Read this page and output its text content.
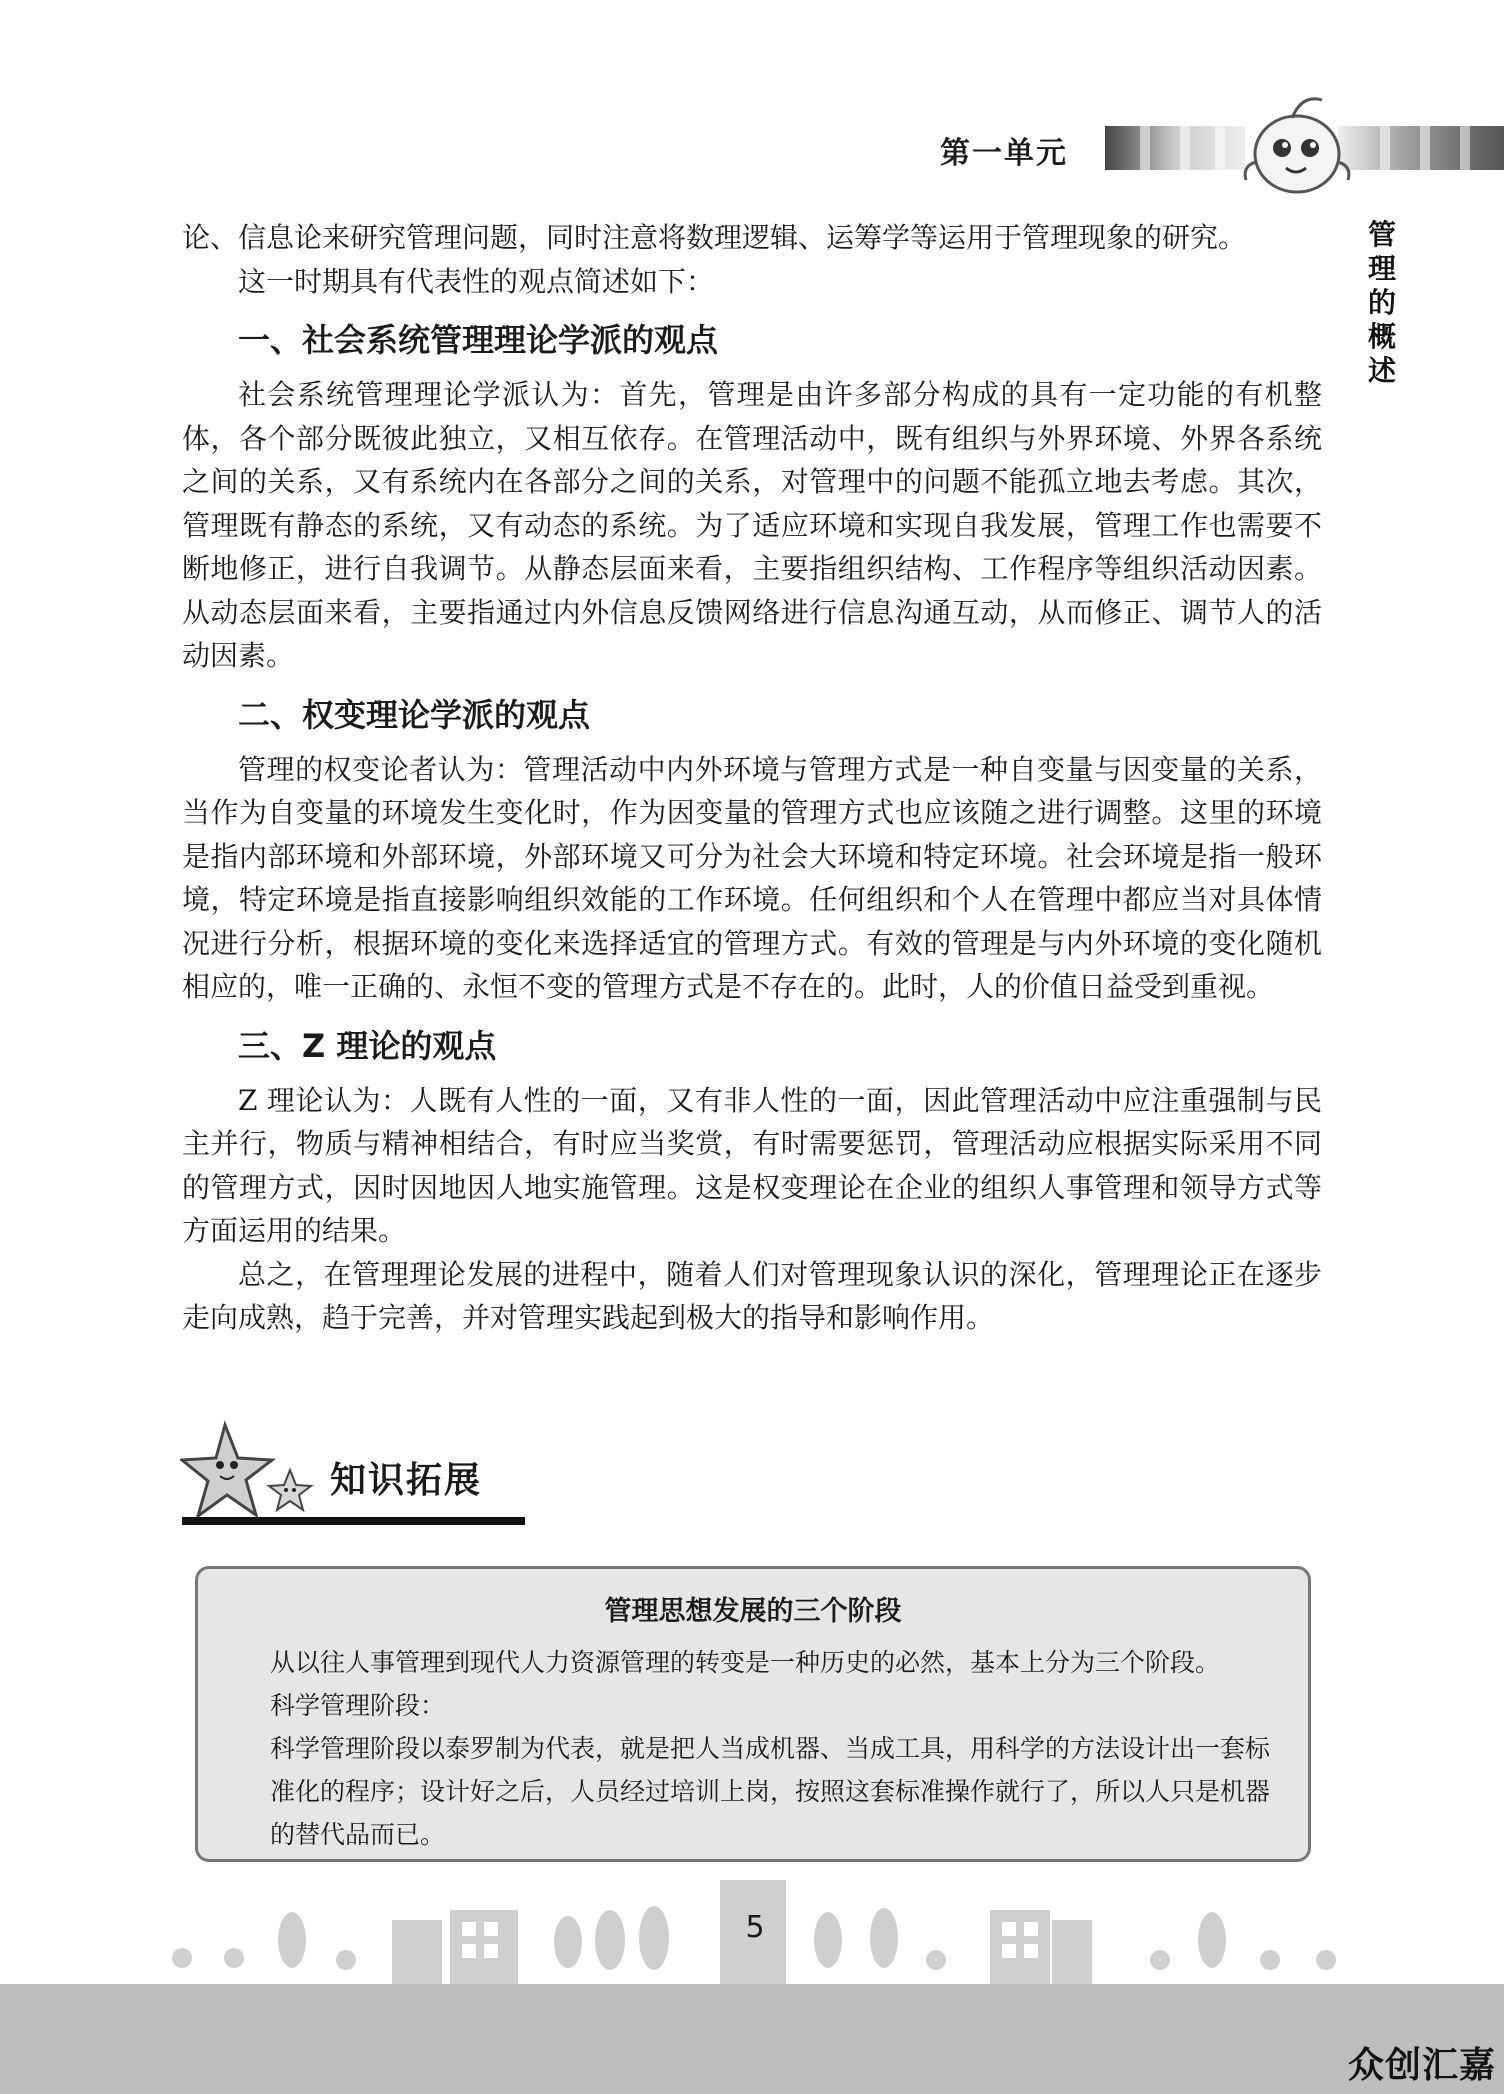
第一单元
管理的概述

论、信息论来研究管理问题，同时注意将数理逻辑、运筹学等运用于管理现象的研究。

这一时期具有代表性的观点简述如下：

一、社会系统管理理论学派的观点

社会系统管理理论学派认为：首先，管理是由许多部分构成的具有一定功能的有机整体，各个部分既彼此独立，又相互依存。在管理活动中，既有组织与外界环境、外界各系统之间的关系，又有系统内在各部分之间的关系，对管理中的问题不能孤立地去考虑。其次，管理既有静态的系统，又有动态的系统。为了适应环境和实现自我发展，管理工作也需要不断地修正，进行自我调节。从静态层面来看，主要指组织结构、工作程序等组织活动因素。从动态层面来看，主要指通过内外信息反馈网络进行信息沟通互动，从而修正、调节人的活动因素。

二、权变理论学派的观点

管理的权变论者认为：管理活动中内外环境与管理方式是一种自变量与因变量的关系，当作为自变量的环境发生变化时，作为因变量的管理方式也应该随之进行调整。这里的环境是指内部环境和外部环境，外部环境又可分为社会大环境和特定环境。社会环境是指一般环境，特定环境是指直接影响组织效能的工作环境。任何组织和个人在管理中都应当对具体情况进行分析，根据环境的变化来选择适宜的管理方式。有效的管理是与内外环境的变化随机相应的，唯一正确的、永恒不变的管理方式是不存在的。此时，人的价值日益受到重视。

三、Z 理论的观点

Z 理论认为：人既有人性的一面，又有非人性的一面，因此管理活动中应注重强制与民主并行，物质与精神相结合，有时应当奖赏，有时需要惩罚，管理活动应根据实际采用不同的管理方式，因时因地因人地实施管理。这是权变理论在企业的组织人事管理和领导方式等方面运用的结果。

总之，在管理理论发展的进程中，随着人们对管理现象认识的深化，管理理论正在逐步走向成熟，趋于完善，并对管理实践起到极大的指导和影响作用。

知识拓展
管理思想发展的三个阶段

从以往人事管理到现代人力资源管理的转变是一种历史的必然，基本上分为三个阶段。

科学管理阶段：

科学管理阶段以泰罗制为代表，就是把人当成机器、当成工具，用科学的方法设计出一套标准化的程序；设计好之后，人员经过培训上岗，按照这套标准操作就行了，所以人只是机器的替代品而已。

5
众创汇嘉
